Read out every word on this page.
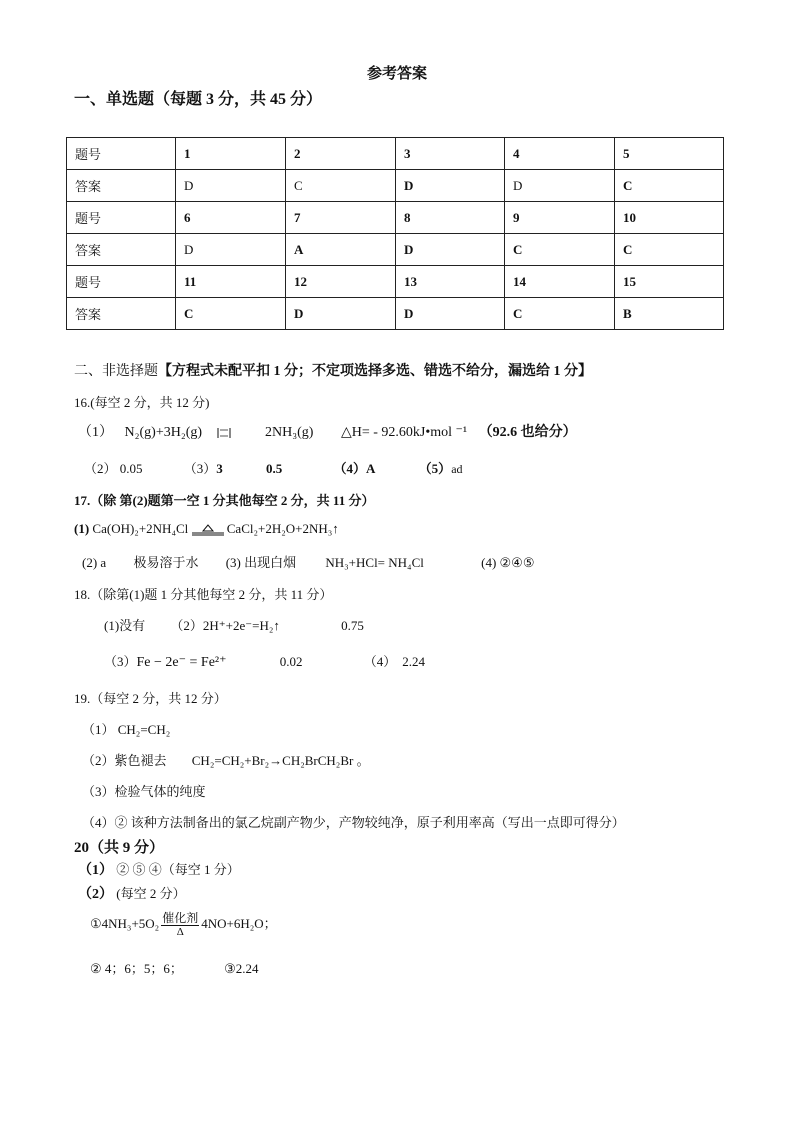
参考答案
一、单选题（每题 3 分，共 45 分）
题号	1	2	3	4	5
答案	D	C	D	D	C
题号	6	7	8	9	10
答案	D	A	D	C	C
题号	11	12	13	14	15
答案	C	D	D	C	B
二、非选择题【方程式未配平扣 1 分；不定项选择多选、错选不给分，漏选给 1 分】
16.(每空 2 分，共 12 分)
（1） N₂(g)+3H₂(g)	2NH₃(g) △H= - 92.60kJ•mol ⁻¹ （92.6 也给分）
（2） 0.05	（3）3	0.5	（4）A	（5）ad
17.（除 第(2)题第一空 1 分其他每空 2 分，共 11 分）
(1) Ca(OH)₂+2NH₄Cl	CaCl₂+2H₂O+2NH₃↑
(2) a 极易溶于水 (3) 出现白烟 NH₃+HCl= NH₄Cl	(4) ②④⑤
18.（除第(1)题 1 分其他每空 2 分，共 11 分）
(1)没有 （2）2H⁺+2e⁻=H₂↑	0.75
（3）Fe − 2e⁻ = Fe²⁺	0.02	（4） 2.24
19.（每空 2 分，共 12 分）
（1） CH₂=CH₂
（2）紫色褪去 CH₂=CH₂+Br₂→CH₂BrCH₂Br 。
（3）检验气体的纯度
（4）② 该种方法制备出的氯乙烷副产物少，产物较纯净，原子利用率高（写出一点即可得分）
20（共 9 分）
（1） ② ⑤ ④（每空 1 分）
（2） (每空 2 分）
①4NH₃+5O₂ $\frac{\text{催化剂}}{\Delta} 4NO+6H_2O$；
② 4；6；5；6；	③2.24
